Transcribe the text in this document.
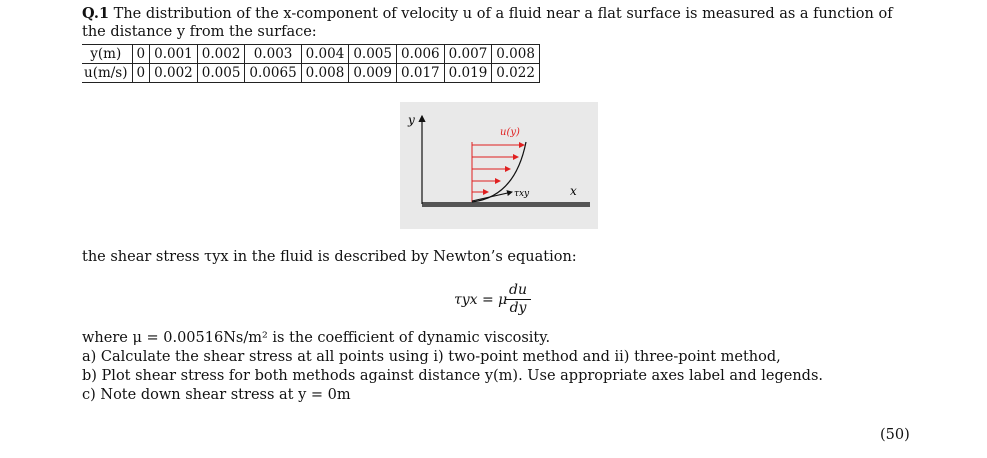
Q.1 The distribution of the x-component of velocity u of a fluid near a flat surface is measured as a function of
the distance y from the surface:
y(m)	0	0.001	0.002	0.003	0.004	0.005	0.006	0.007	0.008
u(m/s)	0	0.002	0.005	0.0065	0.008	0.009	0.017	0.019	0.022
y
u(y)
τxy	x
the shear stress τyx in the fluid is described by Newton’s equation:
τyx = μ
$\frac{du}{dy}$
where μ = 0.00516Ns/m² is the coefficient of dynamic viscosity.
a) Calculate the shear stress at all points using i) two-point method and ii) three-point method,
b) Plot shear stress for both methods against distance y(m). Use appropriate axes label and legends.
c) Note down shear stress at y = 0m
(50)
